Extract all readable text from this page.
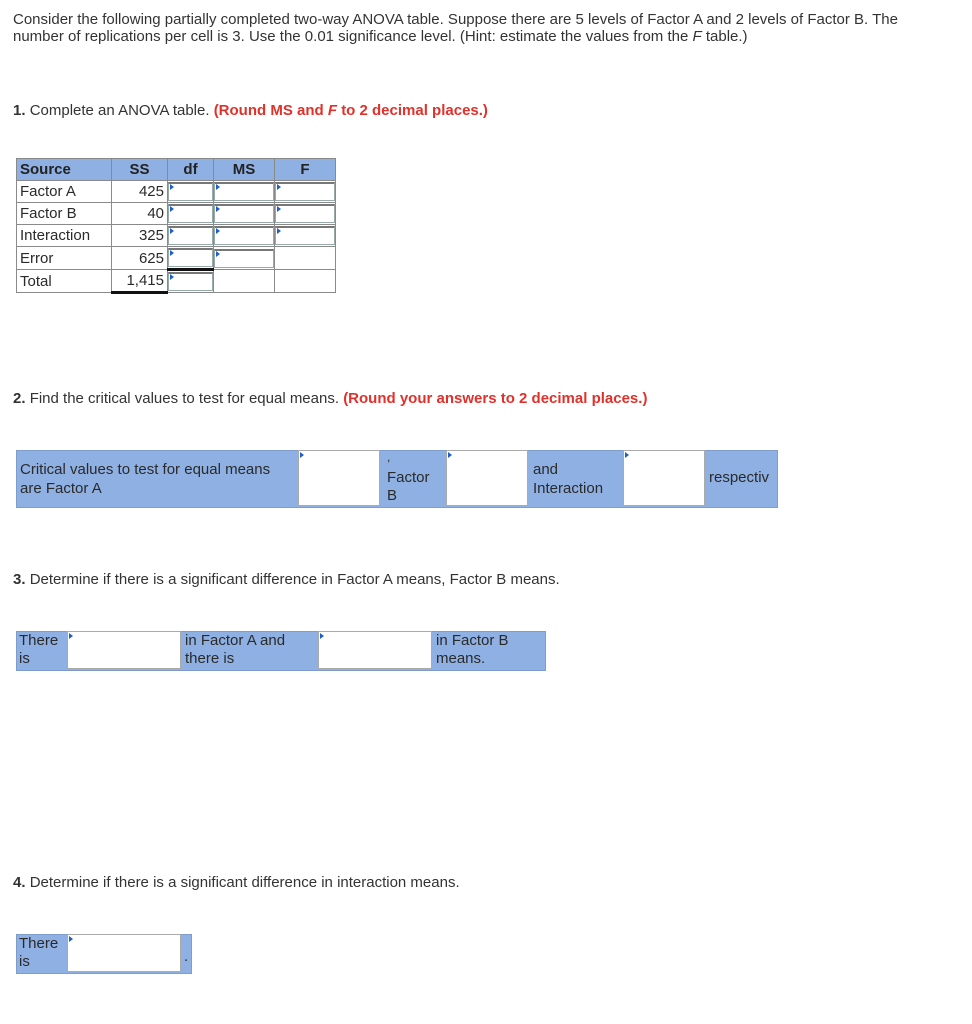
Consider the following partially completed two-way ANOVA table. Suppose there are 5 levels of Factor A and 2 levels of Factor B. The number of replications per cell is 3. Use the 0.01 significance level. (Hint: estimate the values from the F table.)
1. Complete an ANOVA table. (Round MS and F to 2 decimal places.)
Source	SS	df	MS	F
Factor A	425	

Factor B	40	

Interaction	325	

Error	625	

Total	1,415	

2. Find the critical values to test for equal means. (Round your answers to 2 decimal places.)
Critical values to test for equal means are Factor A
,
Factor B
and Interaction
respectiv
3. Determine if there is a significant difference in Factor A means, Factor B means.
There is
in Factor A and there is
in Factor B means.
4. Determine if there is a significant difference in interaction means.
There is	.
